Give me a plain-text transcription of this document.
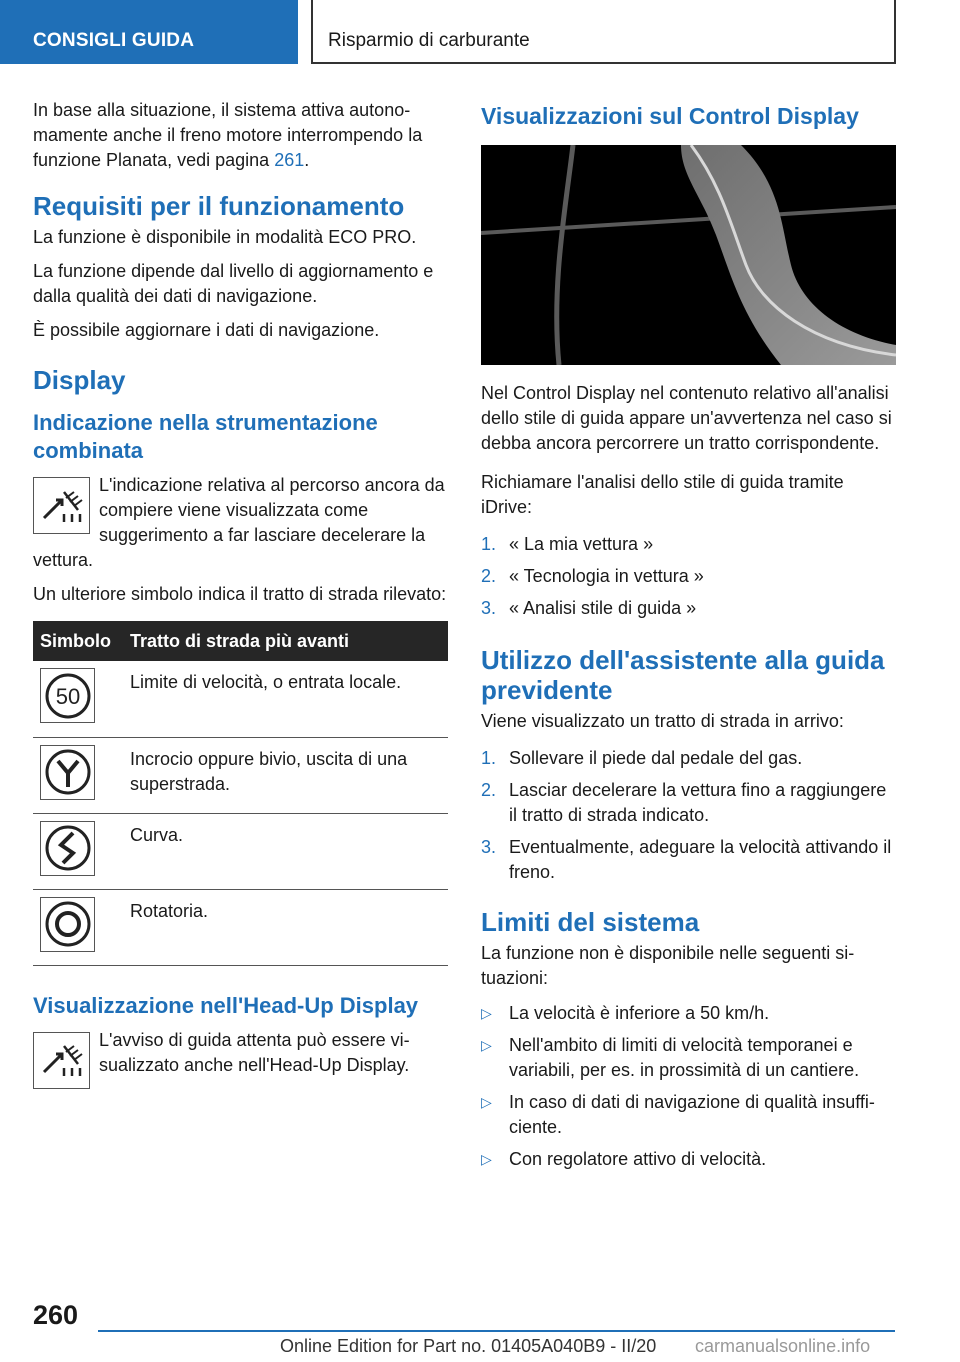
CONSIGLI GUIDA	Risparmio di carburante

In base alla situazione, il sistema attiva autonomamente anche il freno motore interrompendo la funzione Planata, vedi pagina 261.

Requisiti per il funzionamento

La funzione è disponibile in modalità ECO PRO.

La funzione dipende dal livello di aggiornamento e dalla qualità dei dati di navigazione.

È possibile aggiornare i dati di navigazione.

Display
Indicazione nella strumentazione combinata

L'indicazione relativa al percorso ancora da compiere viene visualizzata come suggerimento a far lasciare decelerare la vettura.

Un ulteriore simbolo indica il tratto di strada rilevato:

Simbolo	Tratto di strada più avanti

50	Limite di velocità, o entrata locale.

	Incrocio oppure bivio, uscita di una superstrada.

	Curva.

	Rotatoria.
Visualizzazione nell'Head-Up Display

L'avviso di guida attenta può essere visualizzato anche nell'Head-Up Display.

Visualizzazioni sul Control Display

Nel Control Display nel contenuto relativo all'analisi dello stile di guida appare un'avvertenza nel caso si debba ancora percorrere un tratto corrispondente.

Richiamare l'analisi dello stile di guida tramite iDrive:

1. « La mia vettura »
2. « Tecnologia in vettura »
3. « Analisi stile di guida »
Utilizzo dell'assistente alla guida previdente

Viene visualizzato un tratto di strada in arrivo:

1. Sollevare il piede dal pedale del gas.
2. Lasciar decelerare la vettura fino a raggiungere il tratto di strada indicato.
3. Eventualmente, adeguare la velocità attivando il freno.
Limiti del sistema

La funzione non è disponibile nelle seguenti situazioni:

▷ La velocità è inferiore a 50 km/h.
▷ Nell'ambito di limiti di velocità temporanei e variabili, per es. in prossimità di un cantiere.
▷ In caso di dati di navigazione di qualità insufficiente.
▷ Con regolatore attivo di velocità.
260
Online Edition for Part no. 01405A040B9 - II/20 carmanualsonline.info
